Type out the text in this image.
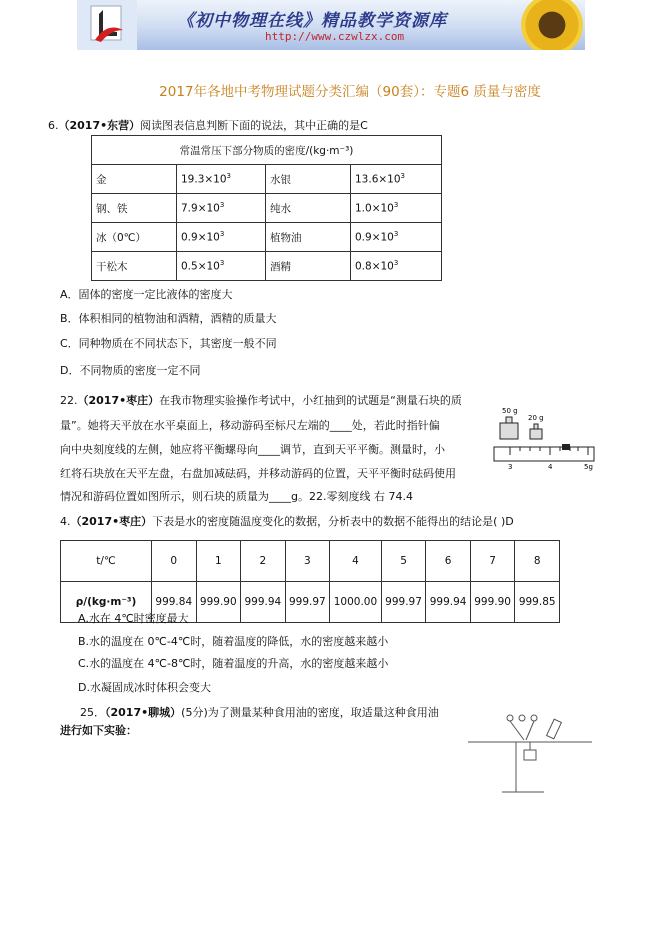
《初中物理在线》精品教学资源库
http://www.czwlzx.com
2017年各地中考物理试题分类汇编（90套）：专题6 质量与密度
6.（2017•东营）阅读图表信息判断下面的说法，其中正确的是C
常温常压下部分物质的密度/(kg·m⁻³)			
金	$19.3\times 10^3$	水银	$13.6\times 10^3$
钢、铁	$7.9\times 10^3$	纯水	$1.0\times 10^3$
冰（0℃）	$0.9\times 10^3$	植物油	$0.9\times 10^3$
干松木	$0.5\times 10^3$	酒精	$0.8\times 10^3$
A．固体的密度一定比液体的密度大
B．体积相同的植物油和酒精，酒精的质量大
C．同种物质在不同状态下，其密度一般不同
D．不同物质的密度一定不同
22.（2017•枣庄）在我市物理实验操作考试中，小红抽到的试题是“测量石块的质
量”。她将天平放在水平桌面上，移动游码至标尺左端的____处，若此时指针偏
向中央刻度线的左侧，她应将平衡螺母向____调节，直到天平平衡。测量时，小
红将石块放在天平左盘，右盘加减砝码，并移动游码的位置，天平平衡时砝码使用
情况和游码位置如图所示，则石块的质量为____g。22.零刻度线 右 74.4
50 g
20 g
3	4	5g
4.（2017•枣庄）下表是水的密度随温度变化的数据，分析表中的数据不能得出的结论是( )D
t/℃	0	1	2	3	4	5	6	7	8
ρ/(kg·m⁻³)	999.84	999.90	999.94	999.97	1000.00	999.97	999.94	999.90	999.85
A.水在 4℃时密度最大
B.水的温度在 0℃-4℃时，随着温度的降低，水的密度越来越小
C.水的温度在 4℃-8℃时，随着温度的升高，水的密度越来越小
D.水凝固成冰时体积会变大
25．（2017•聊城）(5分)为了测量某种食用油的密度，取适量这种食用油
进行如下实验：
